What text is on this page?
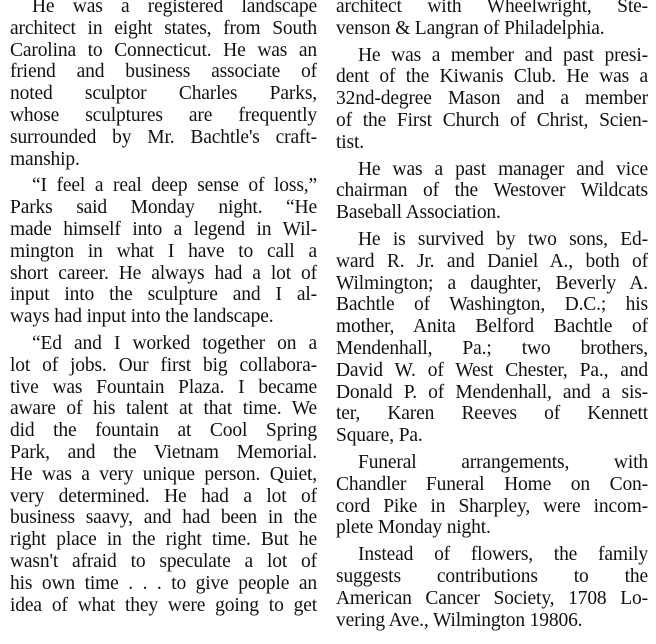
He was a registered landscape
architect in eight states, from South
Carolina to Connecticut. He was an
friend and business associate of
noted sculptor Charles Parks,
whose sculptures are frequently
surrounded by Mr. Bachtle's craft-
manship.
“I feel a real deep sense of loss,”
Parks said Monday night. “He
made himself into a legend in Wil-
mington in what I have to call a
short career. He always had a lot of
input into the sculpture and I al-
ways had input into the landscape.
“Ed and I worked together on a
lot of jobs. Our first big collabora-
tive was Fountain Plaza. I became
aware of his talent at that time. We
did the fountain at Cool Spring
Park, and the Vietnam Memorial.
He was a very unique person. Quiet,
very determined. He had a lot of
business saavy, and had been in the
right place in the right time. But he
wasn't afraid to speculate a lot of
his own time . . . to give people an
idea of what they were going to get
architect with Wheelwright, Ste-
venson & Langran of Philadelphia.
He was a member and past presi-
dent of the Kiwanis Club. He was a
32nd-degree Mason and a member
of the First Church of Christ, Scien-
tist.
He was a past manager and vice
chairman of the Westover Wildcats
Baseball Association.
He is survived by two sons, Ed-
ward R. Jr. and Daniel A., both of
Wilmington; a daughter, Beverly A.
Bachtle of Washington, D.C.; his
mother, Anita Belford Bachtle of
Mendenhall, Pa.; two brothers,
David W. of West Chester, Pa., and
Donald P. of Mendenhall, and a sis-
ter, Karen Reeves of Kennett
Square, Pa.
Funeral arrangements, with
Chandler Funeral Home on Con-
cord Pike in Sharpley, were incom-
plete Monday night.
Instead of flowers, the family
suggests contributions to the
American Cancer Society, 1708 Lo-
vering Ave., Wilmington 19806.
